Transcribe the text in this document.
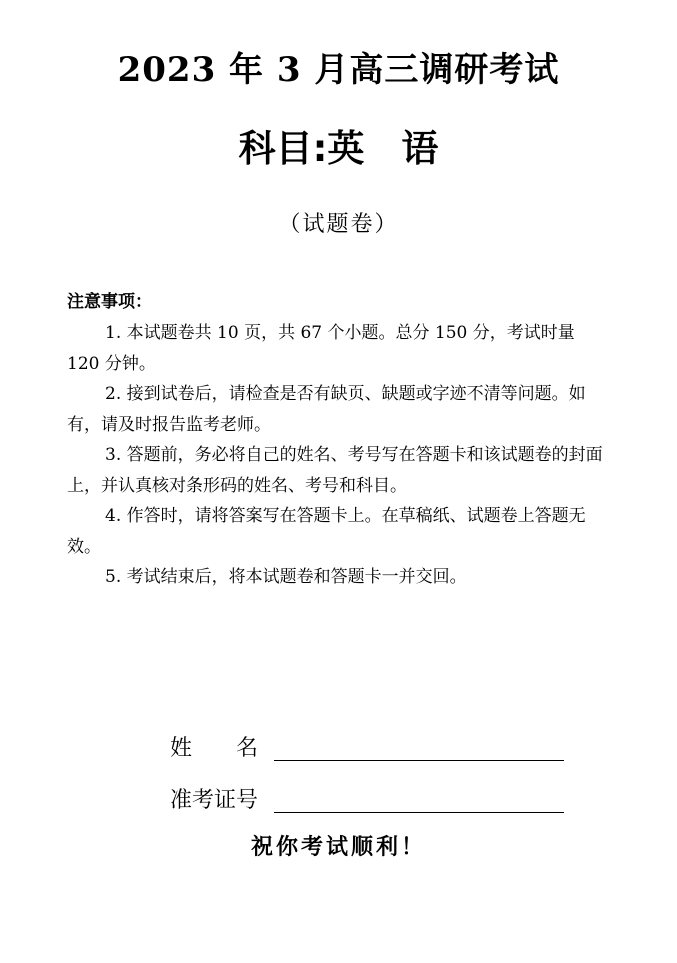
2023 年 3 月高三调研考试
科目:英　语
（试题卷）
注意事项：

1. 本试题卷共 10 页，共 67 个小题。总分 150 分，考试时量 120 分钟。

2. 接到试卷后，请检查是否有缺页、缺题或字迹不清等问题。如有，请及时报告监考老师。

3. 答题前，务必将自己的姓名、考号写在答题卡和该试题卷的封面上，并认真核对条形码的姓名、考号和科目。

4. 作答时，请将答案写在答题卡上。在草稿纸、试题卷上答题无效。

5. 考试结束后，将本试题卷和答题卡一并交回。

姓　　名

准考证号

祝你考试顺利！
